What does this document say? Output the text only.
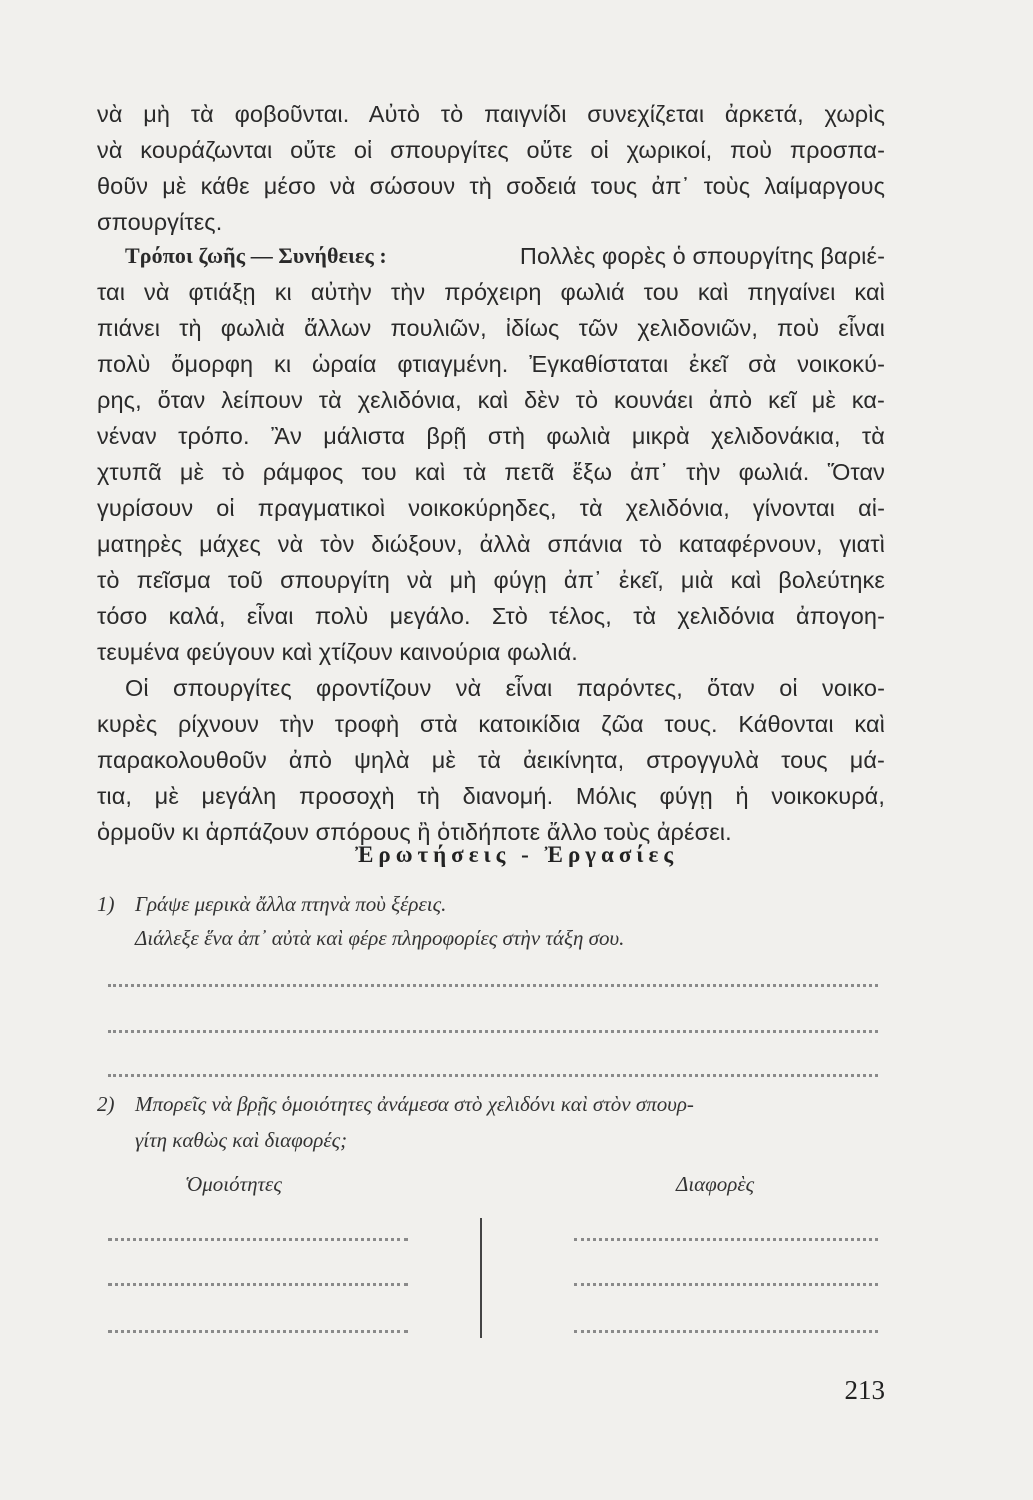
νὰ μὴ τὰ φοβοῦνται. Αὐτὸ τὸ παιγνίδι συνεχίζεται ἀρκετά, χωρὶς
νὰ κουράζωνται οὔτε οἱ σπουργίτες οὔτε οἱ χωρικοί, ποὺ προσπα-
θοῦν μὲ κάθε μέσο νὰ σώσουν τὴ σοδειά τους ἀπ᾽ τοὺς λαίμαργους
σπουργίτες.
Τρόποι ζωῆς — Συνήθειες :	Πολλὲς φορὲς ὁ σπουργίτης βαριέ-
ται νὰ φτιάξῃ κι αὐτὴν τὴν πρόχειρη φωλιά του καὶ πηγαίνει καὶ
πιάνει τὴ φωλιὰ ἄλλων πουλιῶν, ἰδίως τῶν χελιδονιῶν, ποὺ εἶναι
πολὺ ὄμορφη κι ὡραία φτιαγμένη. Ἐγκαθίσταται ἐκεῖ σὰ νοικοκύ-
ρης, ὅταν λείπουν τὰ χελιδόνια, καὶ δὲν τὸ κουνάει ἀπὸ κεῖ μὲ κα-
νέναν τρόπο. Ἂν μάλιστα βρῇ στὴ φωλιὰ μικρὰ χελιδονάκια, τὰ
χτυπᾶ μὲ τὸ ράμφος του καὶ τὰ πετᾶ ἔξω ἀπ᾽ τὴν φωλιά. Ὅταν
γυρίσουν οἱ πραγματικοὶ νοικοκύρηδες, τὰ χελιδόνια, γίνονται αἱ-
ματηρὲς μάχες νὰ τὸν διώξουν, ἀλλὰ σπάνια τὸ καταφέρνουν, γιατὶ
τὸ πεῖσμα τοῦ σπουργίτη νὰ μὴ φύγῃ ἀπ᾽ ἐκεῖ, μιὰ καὶ βολεύτηκε
τόσο καλά, εἶναι πολὺ μεγάλο. Στὸ τέλος, τὰ χελιδόνια ἀπογοη-
τευμένα φεύγουν καὶ χτίζουν καινούρια φωλιά.
Οἱ σπουργίτες φροντίζουν νὰ εἶναι παρόντες, ὅταν οἱ νοικο-
κυρὲς ρίχνουν τὴν τροφὴ στὰ κατοικίδια ζῶα τους. Κάθονται καὶ
παρακολουθοῦν ἀπὸ ψηλὰ μὲ τὰ ἀεικίνητα, στρογγυλὰ τους μά-
τια, μὲ μεγάλη προσοχὴ τὴ διανομή. Μόλις φύγῃ ἡ νοικοκυρά,
ὁρμοῦν κι ἁρπάζουν σπόρους ἢ ὁτιδήποτε ἄλλο τοὺς ἀρέσει.
Ἐρωτήσεις - Ἐργασίες
1) Γράψε μερικὰ ἄλλα πτηνὰ ποὺ ξέρεις.
Διάλεξε ἕνα ἀπ᾽ αὐτὰ καὶ φέρε πληροφορίες στὴν τάξη σου.
2) Μπορεῖς νὰ βρῇς ὁμοιότητες ἀνάμεσα στὸ χελιδόνι καὶ στὸν σπουρ-
γίτη καθὼς καὶ διαφορές;
Ὁμοιότητες	Διαφορὲς
213
